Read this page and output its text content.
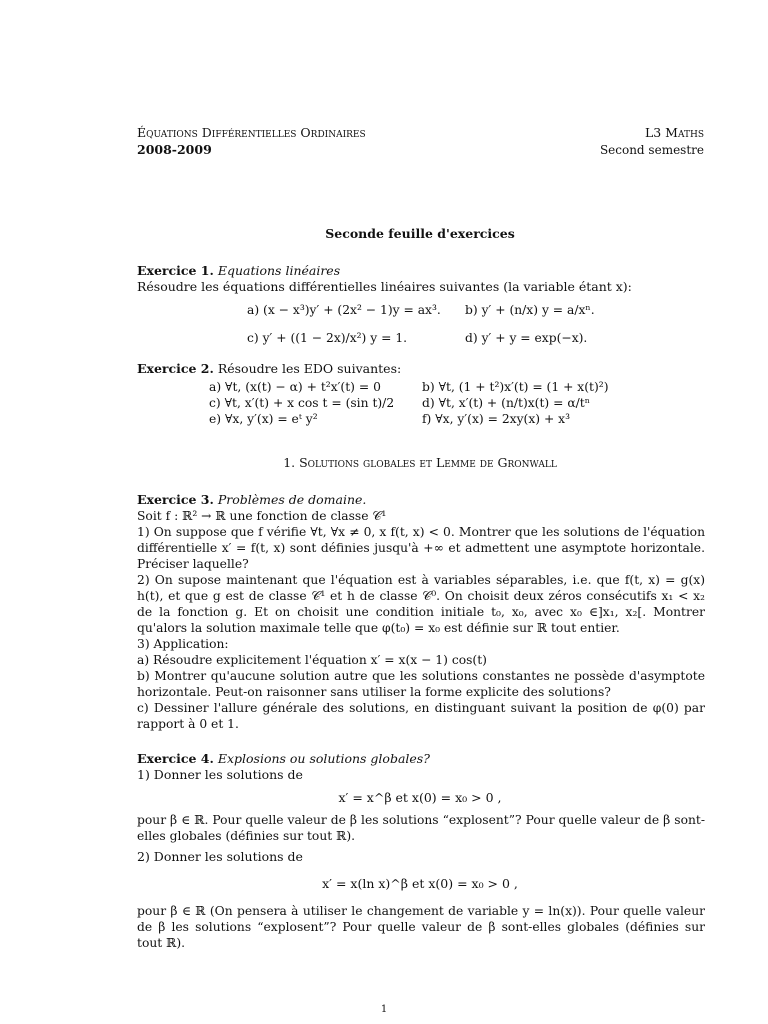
Équations Différentielles Ordinaires
2008-2009
L3 Maths
Second semestre
Seconde feuille d'exercices
Exercice 1. Equations linéaires
Résoudre les équations différentielles linéaires suivantes (la variable étant x):
a) (x − x³)y′ + (2x² − 1)y = ax³. b) y′ + (n/x) y = a/xⁿ.
c) y′ + ((1 − 2x)/x²) y = 1.	d) y′ + y = exp(−x).
Exercice 2. Résoudre les EDO suivantes:
a) ∀t, (x(t) − α) + t²x′(t) = 0	b) ∀t, (1 + t²)x′(t) = (1 + x(t)²)
c) ∀t, x′(t) + x cos t = (sin t)/2 d) ∀t, x′(t) + (n/t)x(t) = α/tⁿ
e) ∀x, y′(x) = eᵗ y²	f) ∀x, y′(x) = 2xy(x) + x³
1. Solutions globales et Lemme de Gronwall
Exercice 3. Problèmes de domaine.

Soit f : ℝ² → ℝ une fonction de classe 𝒞¹

1) On suppose que f vérifie ∀t, ∀x ≠ 0, x f(t, x) < 0. Montrer que les solutions de l'équation différentielle x′ = f(t, x) sont définies jusqu'à +∞ et admettent une asymptote horizontale. Préciser laquelle?

2) On supose maintenant que l'équation est à variables séparables, i.e. que f(t, x) = g(x) h(t), et que g est de classe 𝒞¹ et h de classe 𝒞⁰. On choisit deux zéros consécutifs x₁ < x₂ de la fonction g. Et on choisit une condition initiale t₀, x₀, avec x₀ ∈]x₁, x₂[. Montrer qu'alors la solution maximale telle que φ(t₀) = x₀ est définie sur ℝ tout entier.

3) Application:

a) Résoudre explicitement l'équation x′ = x(x − 1) cos(t)

b) Montrer qu'aucune solution autre que les solutions constantes ne possède d'asymptote horizontale. Peut-on raisonner sans utiliser la forme explicite des solutions?

c) Dessiner l'allure générale des solutions, en distinguant suivant la position de φ(0) par rapport à 0 et 1.

Exercice 4. Explosions ou solutions globales?
1) Donner les solutions de
x′ = x^β et x(0) = x₀ > 0 ,

pour β ∈ ℝ. Pour quelle valeur de β les solutions “explosent”? Pour quelle valeur de β sont-elles globales (définies sur tout ℝ).

2) Donner les solutions de
x′ = x(ln x)^β et x(0) = x₀ > 0 ,

pour β ∈ ℝ (On pensera à utiliser le changement de variable y = ln(x)). Pour quelle valeur de β les solutions “explosent”? Pour quelle valeur de β sont-elles globales (définies sur tout ℝ).

1
